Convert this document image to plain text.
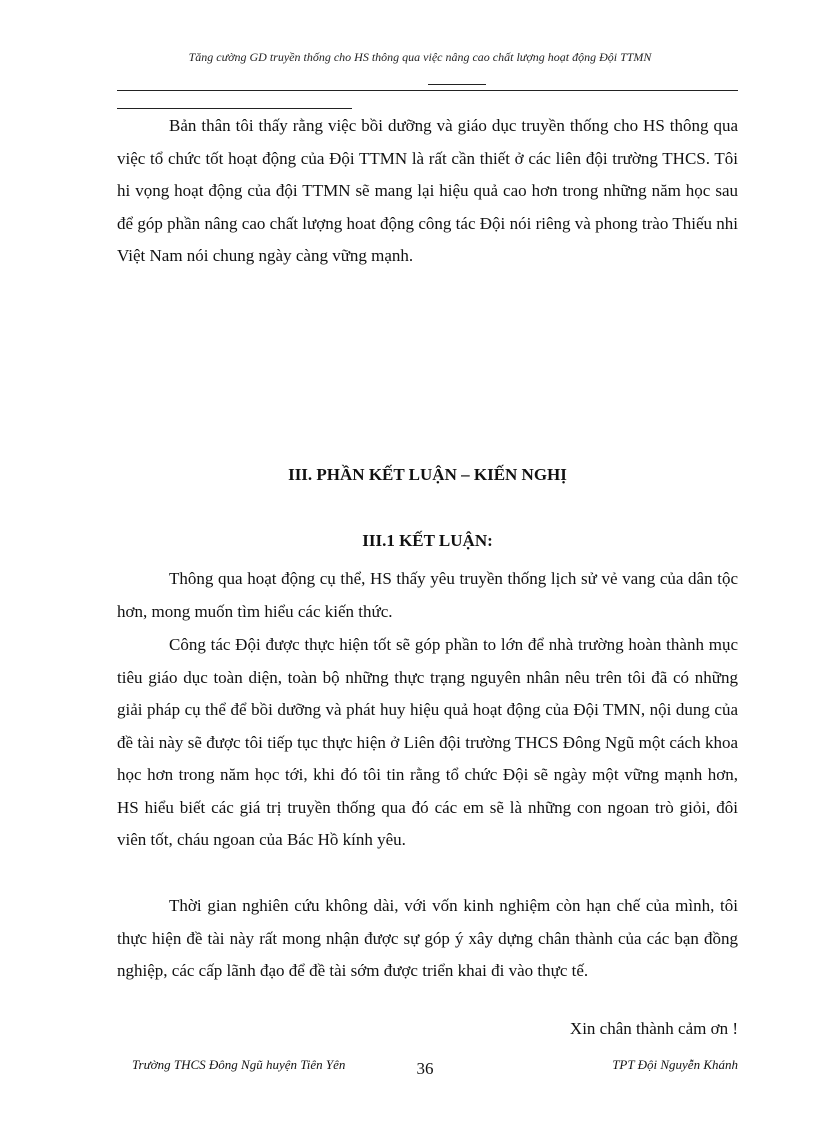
Tăng cường GD truyền thống cho HS thông qua việc nâng cao chất lượng hoạt động Đội TTMN

Bản thân tôi thấy rằng việc bồi dưỡng và giáo dục truyền thống cho HS thông qua việc tổ chức tốt hoạt động của Đội TTMN là rất cần thiết ở các liên đội trường THCS. Tôi hi vọng hoạt động của đội TTMN sẽ mang lại hiệu quả cao hơn trong những năm học sau để góp phần nâng cao chất lượng hoat động công tác Đội nói riêng và phong trào Thiếu nhi Việt Nam nói chung ngày càng vững mạnh.

III. PHẦN KẾT LUẬN – KIẾN NGHỊ
III.1 KẾT LUẬN:

Thông qua hoạt động cụ thể, HS thấy yêu truyền thống lịch sử vẻ vang của dân tộc hơn, mong muốn tìm hiểu các kiến thức.

Công tác Đội được thực hiện tốt sẽ góp phần to lớn để nhà trường hoàn thành mục tiêu giáo dục toàn diện, toàn bộ những thực trạng nguyên nhân nêu trên tôi đã có những giải pháp cụ thể để bồi dưỡng và phát huy hiệu quả hoạt động của Đội TMN, nội dung của đề tài này sẽ được tôi tiếp tục thực hiện ở Liên đội trường THCS Đông Ngũ một cách khoa học hơn trong năm học tới, khi đó tôi tin rằng tổ chức Đội sẽ ngày một vững mạnh hơn, HS hiểu biết các giá trị truyền thống qua đó các em sẽ là những con ngoan trò giỏi, đôi viên tốt, cháu ngoan của Bác Hồ kính yêu.

Thời gian nghiên cứu không dài, với vốn kinh nghiệm còn hạn chế của mình, tôi thực hiện đề tài này rất mong nhận được sự góp ý xây dựng chân thành của các bạn đồng nghiệp, các cấp lãnh đạo để đề tài sớm được triển khai đi vào thực tế.

Xin chân thành cảm ơn !

Trường THCS Đông Ngũ huyện Tiên Yên	36	TPT Đội Nguyễn Khánh
